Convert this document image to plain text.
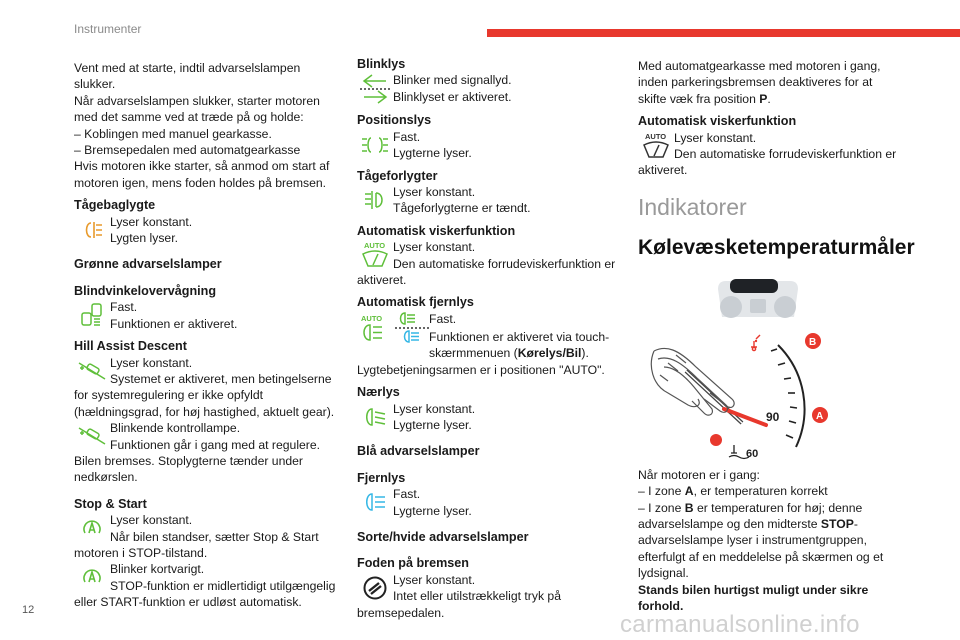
Instrumenter

Vent med at starte, indtil advarselslampen slukker.

Når advarselslampen slukker, starter motoren med det samme ved at træde på og holde:

– Koblingen med manuel gearkasse.

– Bremsepedalen med automatgearkasse

Hvis motoren ikke starter, så anmod om start af motoren igen, mens foden holdes på bremsen.

Tågebaglygte

Lyser konstant.

Lygten lyser.

Grønne advarselslamper

Blindvinkelovervågning

Fast.

Funktionen er aktiveret.

Hill Assist Descent

Lyser konstant.

Systemet er aktiveret, men betingelserne for systemregulering er ikke opfyldt (hældningsgrad, for høj hastighed, aktuelt gear).

Blinkende kontrollampe.

Funktionen går i gang med at regulere. Bilen bremses. Stoplygterne tænder under nedkørslen.

Stop & Start

Lyser konstant.

Når bilen standser, sætter Stop & Start motoren i STOP-tilstand.

Blinker kortvarigt.

STOP-funktion er midlertidigt utilgængelig eller START-funktion er udløst automatisk.

Blinklys

Blinker med signallyd.

Blinklyset er aktiveret.

Positionslys

Fast.

Lygterne lyser.

Tågeforlygter

Lyser konstant.

Tågeforlygterne er tændt.

Automatisk viskerfunktion

AUTO Lyser konstant.

Den automatiske forrudeviskerfunktion er aktiveret.

Automatisk fjernlys

AUTO	Fast.

Funktionen er aktiveret via touch-skærmmenuen (Kørelys/Bil).

Lygtebetjeningsarmen er i positionen "AUTO".

Nærlys

Lyser konstant.

Lygterne lyser.

Blå advarselslamper

Fjernlys

Fast.

Lygterne lyser.

Sorte/hvide advarselslamper

Foden på bremsen

Lyser konstant.

Intet eller utilstrækkeligt tryk på bremsepedalen.

Med automatgearkasse med motoren i gang, inden parkeringsbremsen deaktiveres for at skifte væk fra position P.

Automatisk viskerfunktion

AUTO Lyser konstant.

Den automatiske forrudeviskerfunktion er aktiveret.

Indikatorer

Kølevæsketemperaturmåler

90
60
B
A

Når motoren er i gang:

– I zone A, er temperaturen korrekt

– I zone B er temperaturen for høj; denne advarselslampe og den midterste STOP-advarselslampe lyser i instrumentgruppen, efterfulgt af en meddelelse på skærmen og et lydsignal.

Stands bilen hurtigst muligt under sikre forhold.

12
carmanualsonline.info
